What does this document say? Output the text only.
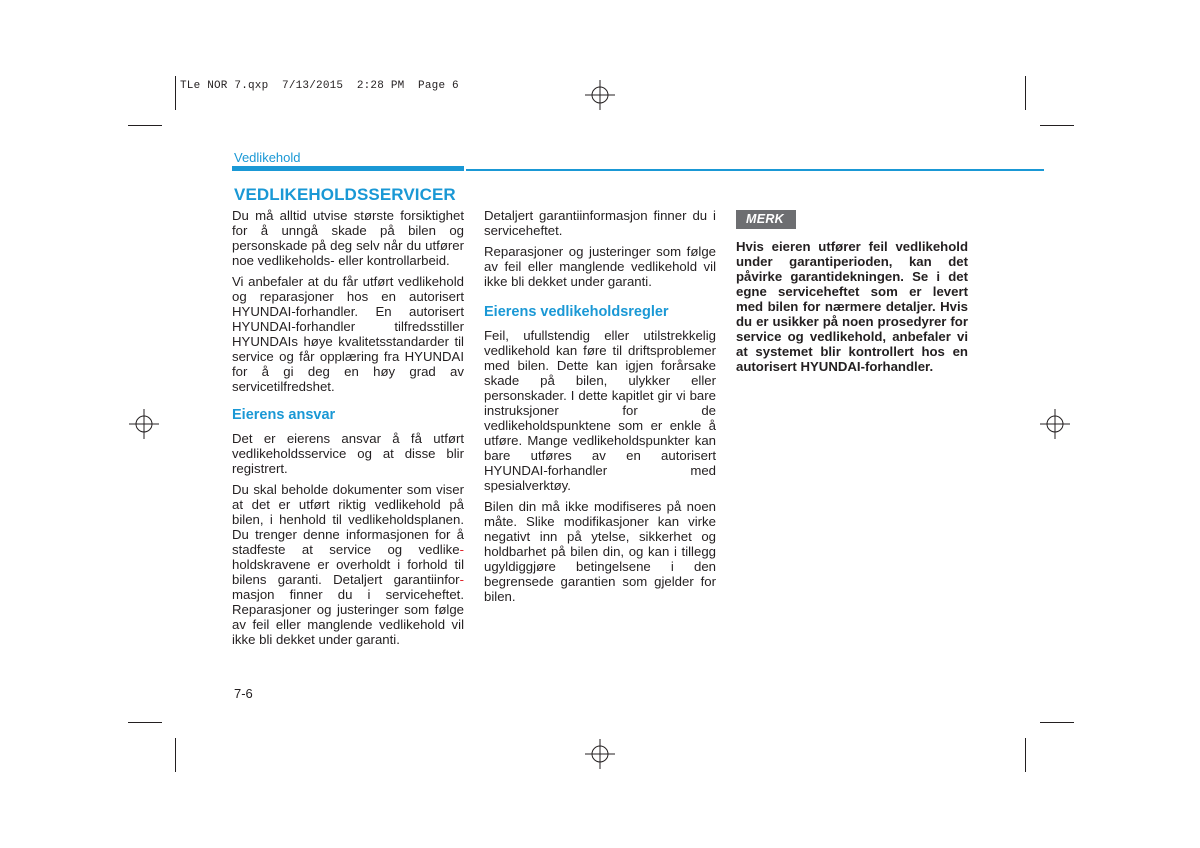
TLe NOR 7.qxp  7/13/2015  2:28 PM  Page 6
Vedlikehold
VEDLIKEHOLDSSERVICER

Du må alltid utvise største forsiktighet for å unngå skade på bilen og personskade på deg selv når du utfører noe vedlikeholds- eller kontrollarbeid.

Vi anbefaler at du får utført vedlikehold og reparasjoner hos en autorisert HYUNDAI-forhandler. En autorisert HYUNDAI-forhandler tilfredsstiller HYUNDAIs høye kvalitetsstandarder til service og får opplæring fra HYUNDAI for å gi deg en høy grad av servicetilfredshet.

Eierens ansvar

Det er eierens ansvar å få utført vedlikeholdsservice og at disse blir registrert.

Du skal beholde dokumenter som viser at det er utført riktig vedlikehold på bilen, i henhold til vedlikeholdsplanen. Du trenger denne informasjonen for å stadfeste at service og vedlike-holdskravene er overholdt i forhold til bilens garanti. Detaljert garantiinfor-masjon finner du i serviceheftet. Reparasjoner og justeringer som følge av feil eller manglende vedlikehold vil ikke bli dekket under garanti.

Detaljert garantiinformasjon finner du i serviceheftet.

Reparasjoner og justeringer som følge av feil eller manglende vedlikehold vil ikke bli dekket under garanti.

Eierens vedlikeholdsregler

Feil, ufullstendig eller utilstrekkelig vedlikehold kan føre til driftsproblemer med bilen. Dette kan igjen forårsake skade på bilen, ulykker eller personskader. I dette kapitlet gir vi bare instruksjoner for de vedlikeholdspunktene som er enkle å utføre. Mange vedlikeholdspunkter kan bare utføres av en autorisert HYUNDAI-forhandler med spesialverktøy.

Bilen din må ikke modifiseres på noen måte. Slike modifikasjoner kan virke negativt inn på ytelse, sikkerhet og holdbarhet på bilen din, og kan i tillegg ugyldiggjøre betingelsene i den begrensede garantien som gjelder for bilen.

MERK

Hvis eieren utfører feil vedlikehold under garantiperioden, kan det påvirke garantidekningen. Se i det egne serviceheftet som er levert med bilen for nærmere detaljer. Hvis du er usikker på noen prosedyrer for service og vedlikehold, anbefaler vi at systemet blir kontrollert hos en autorisert HYUNDAI-forhandler.

7-6
